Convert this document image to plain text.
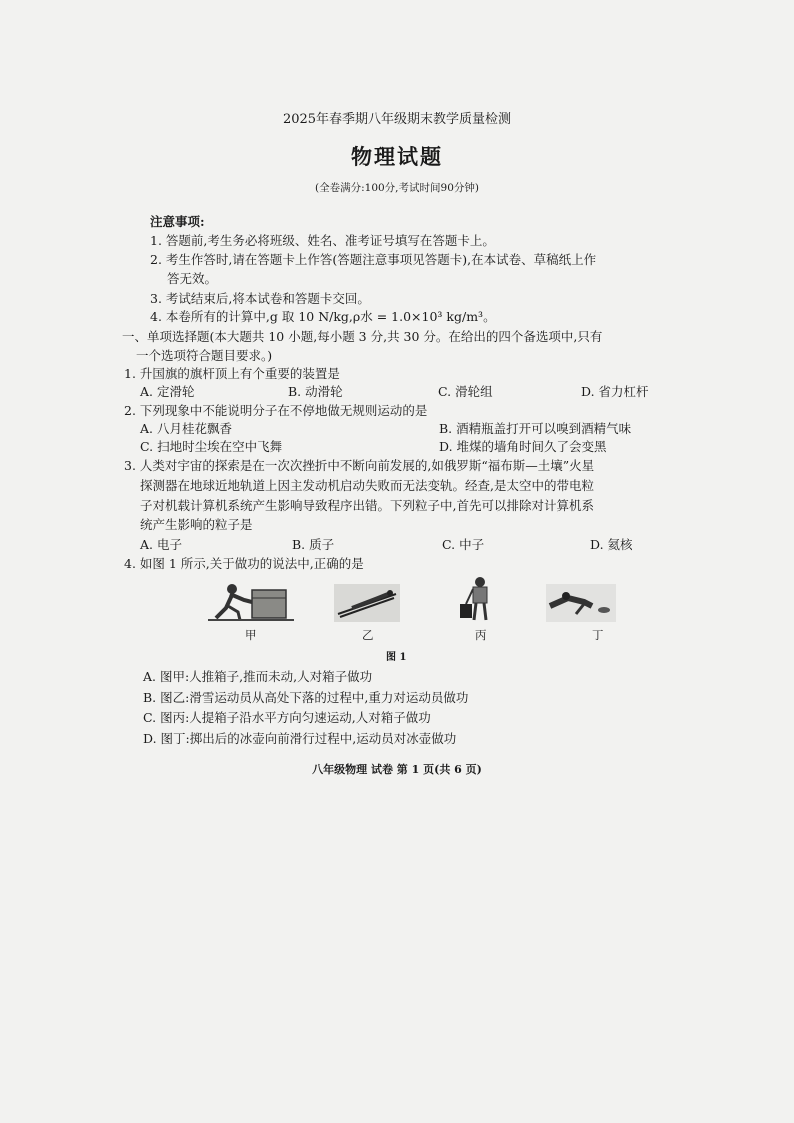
2025年春季期八年级期末教学质量检测
物理试题
(全卷满分:100分,考试时间90分钟)
注意事项:
1. 答题前,考生务必将班级、姓名、准考证号填写在答题卡上。
2. 考生作答时,请在答题卡上作答(答题注意事项见答题卡),在本试卷、草稿纸上作
答无效。
3. 考试结束后,将本试卷和答题卡交回。
4. 本卷所有的计算中,g 取 10 N/kg,ρ水 = 1.0×10³ kg/m³。
一、单项选择题(本大题共 10 小题,每小题 3 分,共 30 分。在给出的四个备选项中,只有
一个选项符合题目要求。)
1. 升国旗的旗杆顶上有个重要的装置是
A. 定滑轮	B. 动滑轮	C. 滑轮组	D. 省力杠杆
2. 下列现象中不能说明分子在不停地做无规则运动的是
A. 八月桂花飘香	B. 酒精瓶盖打开可以嗅到酒精气味
C. 扫地时尘埃在空中飞舞	D. 堆煤的墙角时间久了会变黑
3. 人类对宇宙的探索是在一次次挫折中不断向前发展的,如俄罗斯“福布斯—土壤”火星
探测器在地球近地轨道上因主发动机启动失败而无法变轨。经查,是太空中的带电粒
子对机载计算机系统产生影响导致程序出错。下列粒子中,首先可以排除对计算机系
统产生影响的粒子是
A. 电子	B. 质子	C. 中子	D. 氦核
4. 如图 1 所示,关于做功的说法中,正确的是
甲	乙	丙	丁
图 1
A. 图甲:人推箱子,推而未动,人对箱子做功
B. 图乙:滑雪运动员从高处下落的过程中,重力对运动员做功
C. 图丙:人提箱子沿水平方向匀速运动,人对箱子做功
D. 图丁:掷出后的冰壶向前滑行过程中,运动员对冰壶做功
八年级物理 试卷 第 1 页(共 6 页)
